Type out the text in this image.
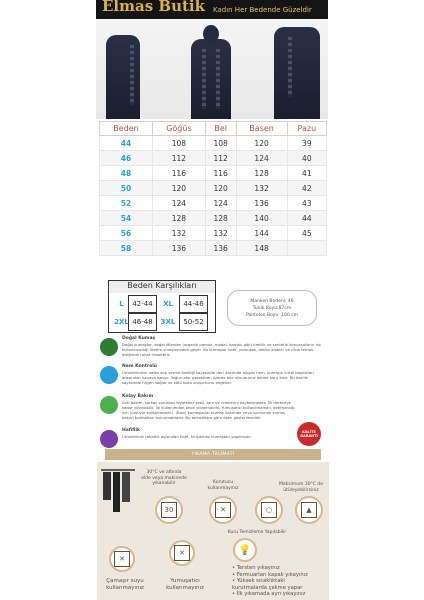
Elmas Butik Kadın Her Bedende Güzeldir
Beden	Göğüs	Bel	Basen	Pazu
44	108	108	120	39
46	112	112	124	40
48	116	116	128	41
50	120	120	132	42
52	124	124	136	43
54	128	128	140	44
56	132	132	144	45
58	136	136	148	
Beden Karşılıkları
L	42-44	XL	44-46
2XL 46-48	3XL	50-52
Manken Bedeni: 46
Tunik Boyu:87cm
Pantolon Boyu: 100 cm
Doğal Kumaş
Doğal kumaşlar, doğal liflerden (organik pamuk, modal, bambu gibi) üretilir ve sentetik kimyasalların hiç kullanılmadığı üretim süreçlerinden geçer. Bu kumaşlar hafif, yumuşak, deliev alabilir ve cilde temas ettiğinde rahat hissettirir.
Nem Kontrolü
Ürünlerimizin nefes alıp verme özelliği sayesinde deri üzerinde oluşan nem, kumaşın kılcal boşlukları arasından havaya karışır. Yoğun efor gerektiren işlerde bile vücudunuz daima kuru kalır. Bu özellik sayesinde hiyjen sağlar ve kötü koku oluşumunu engeller.
Kolay Bakım
Anti bakım, sarkaç sorunları kıyafetler şekil, tarz ve renklerini kaybetmeden 30 dereceye kadar yıkanabilir. İlk kullanımdan önce yıkanmalıdır. Yumuşatıcı kullanılmamalı, deterjanlığı için (ürsüyje solistlenebilir). (Bazı) kumaşlarlar kumaş üzerinde veya içerisinde kumaş bakım talimatları bulunmaktadır. Bu talimatlara göre özen gösterilmelidir.
Hafiflik
Ürünlerimiz rahatlık açısından hafif, kırışıkmaz kumaştan yapılmıştır
KALİTE GARANTİ
YIKAMA TALİMATI
30°C ve altında
elde veya makinede
yıkanabilir	Kurutucu
kullanmayınız
Maksimum 30°C de
ütüleyebilirsiniz
30	✕	○	▲
Kuru Temizleme Yapılabilir
✕
✕	💡
Çamaşır suyu
kullanmayınız
Yumuşatıcı
kullanmayınız
• Tersten yıkayınız
• Fermuarları kapalı yıkayınız
• Yüksek sıcaklıktaki
kurutmalarda çekme yapar
• İlk yıkamada ayrı yıkayınız
